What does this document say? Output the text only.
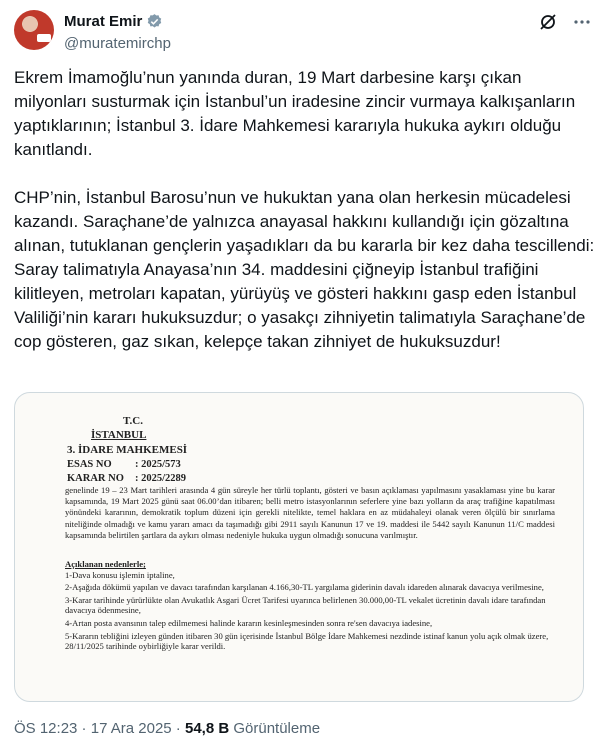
Murat Emir
@muratemirchp

Ekrem İmamoğlu’nun yanında duran, 19 Mart darbesine karşı çıkan milyonları susturmak için İstanbul’un iradesine zincir vurmaya kalkışanların yaptıklarının; İstanbul 3. İdare Mahkemesi kararıyla hukuka aykırı olduğu kanıtlandı.

CHP’nin, İstanbul Barosu’nun ve hukuktan yana olan herkesin mücadelesi kazandı. Saraçhane’de yalnızca anayasal hakkını kullandığı için gözaltına alınan, tutuklanan gençlerin yaşadıkları da bu kararla bir kez daha tescillendi: Saray talimatıyla Anayasa’nın 34. maddesini çiğneyip İstanbul trafiğini kilitleyen, metroları kapatan, yürüyüş ve gösteri hakkını gasp eden İstanbul Valiliği’nin kararı hukuksuzdur; o yasakçı zihniyetin talimatıyla Saraçhane’de cop gösteren, gaz sıkan, kelepçe takan zihniyet de hukuksuzdur!

T.C.
İSTANBUL
3. İDARE MAHKEMESİ
ESAS NO : 2025/573
KARAR NO : 2025/2289
genelinde 19 – 23 Mart tarihleri arasında 4 gün süreyle her türlü toplantı, gösteri ve basın açıklaması yapılmasını yasaklaması yine bu karar kapsamında, 19 Mart 2025 günü saat 06.00’dan itibaren; belli metro istasyonlarının seferlere yine bazı yolların da araç trafiğine kapatılması yönündeki kararının, demokratik toplum düzeni için gerekli nitelikte, temel haklara en az müdahaleyi olanak veren ölçülü bir sınırlama niteliğinde olmadığı ve kamu yararı amacı da taşımadığı gibi 2911 sayılı Kanunun 17 ve 19. maddesi ile 5442 sayılı Kanunun 11/C maddesi kapsamında belirtilen şartlara da aykırı olması nedeniyle hukuka uygun olmadığı sonucuna varılmıştır.
Açıklanan nedenlerle;
1-Dava konusu işlemin iptaline,
2-Aşağıda dökümü yapılan ve davacı tarafından karşılanan 4.166,30-TL yargılama giderinin davalı idareden alınarak davacıya verilmesine,
3-Karar tarihinde yürürlükte olan Avukatlık Asgari Ücret Tarifesi uyarınca belirlenen 30.000,00-TL vekalet ücretinin davalı idare tarafından davacıya ödenmesine,
4-Artan posta avansının talep edilmemesi halinde kararın kesinleşmesinden sonra re'sen davacıya iadesine,
5-Kararın tebliğini izleyen günden itibaren 30 gün içerisinde İstanbul Bölge İdare Mahkemesi nezdinde istinaf kanun yolu açık olmak üzere, 28/11/2025 tarihinde oybirliğiyle karar verildi.
ÖS 12:23 · 17 Ara 2025 · 54,8 B Görüntüleme
